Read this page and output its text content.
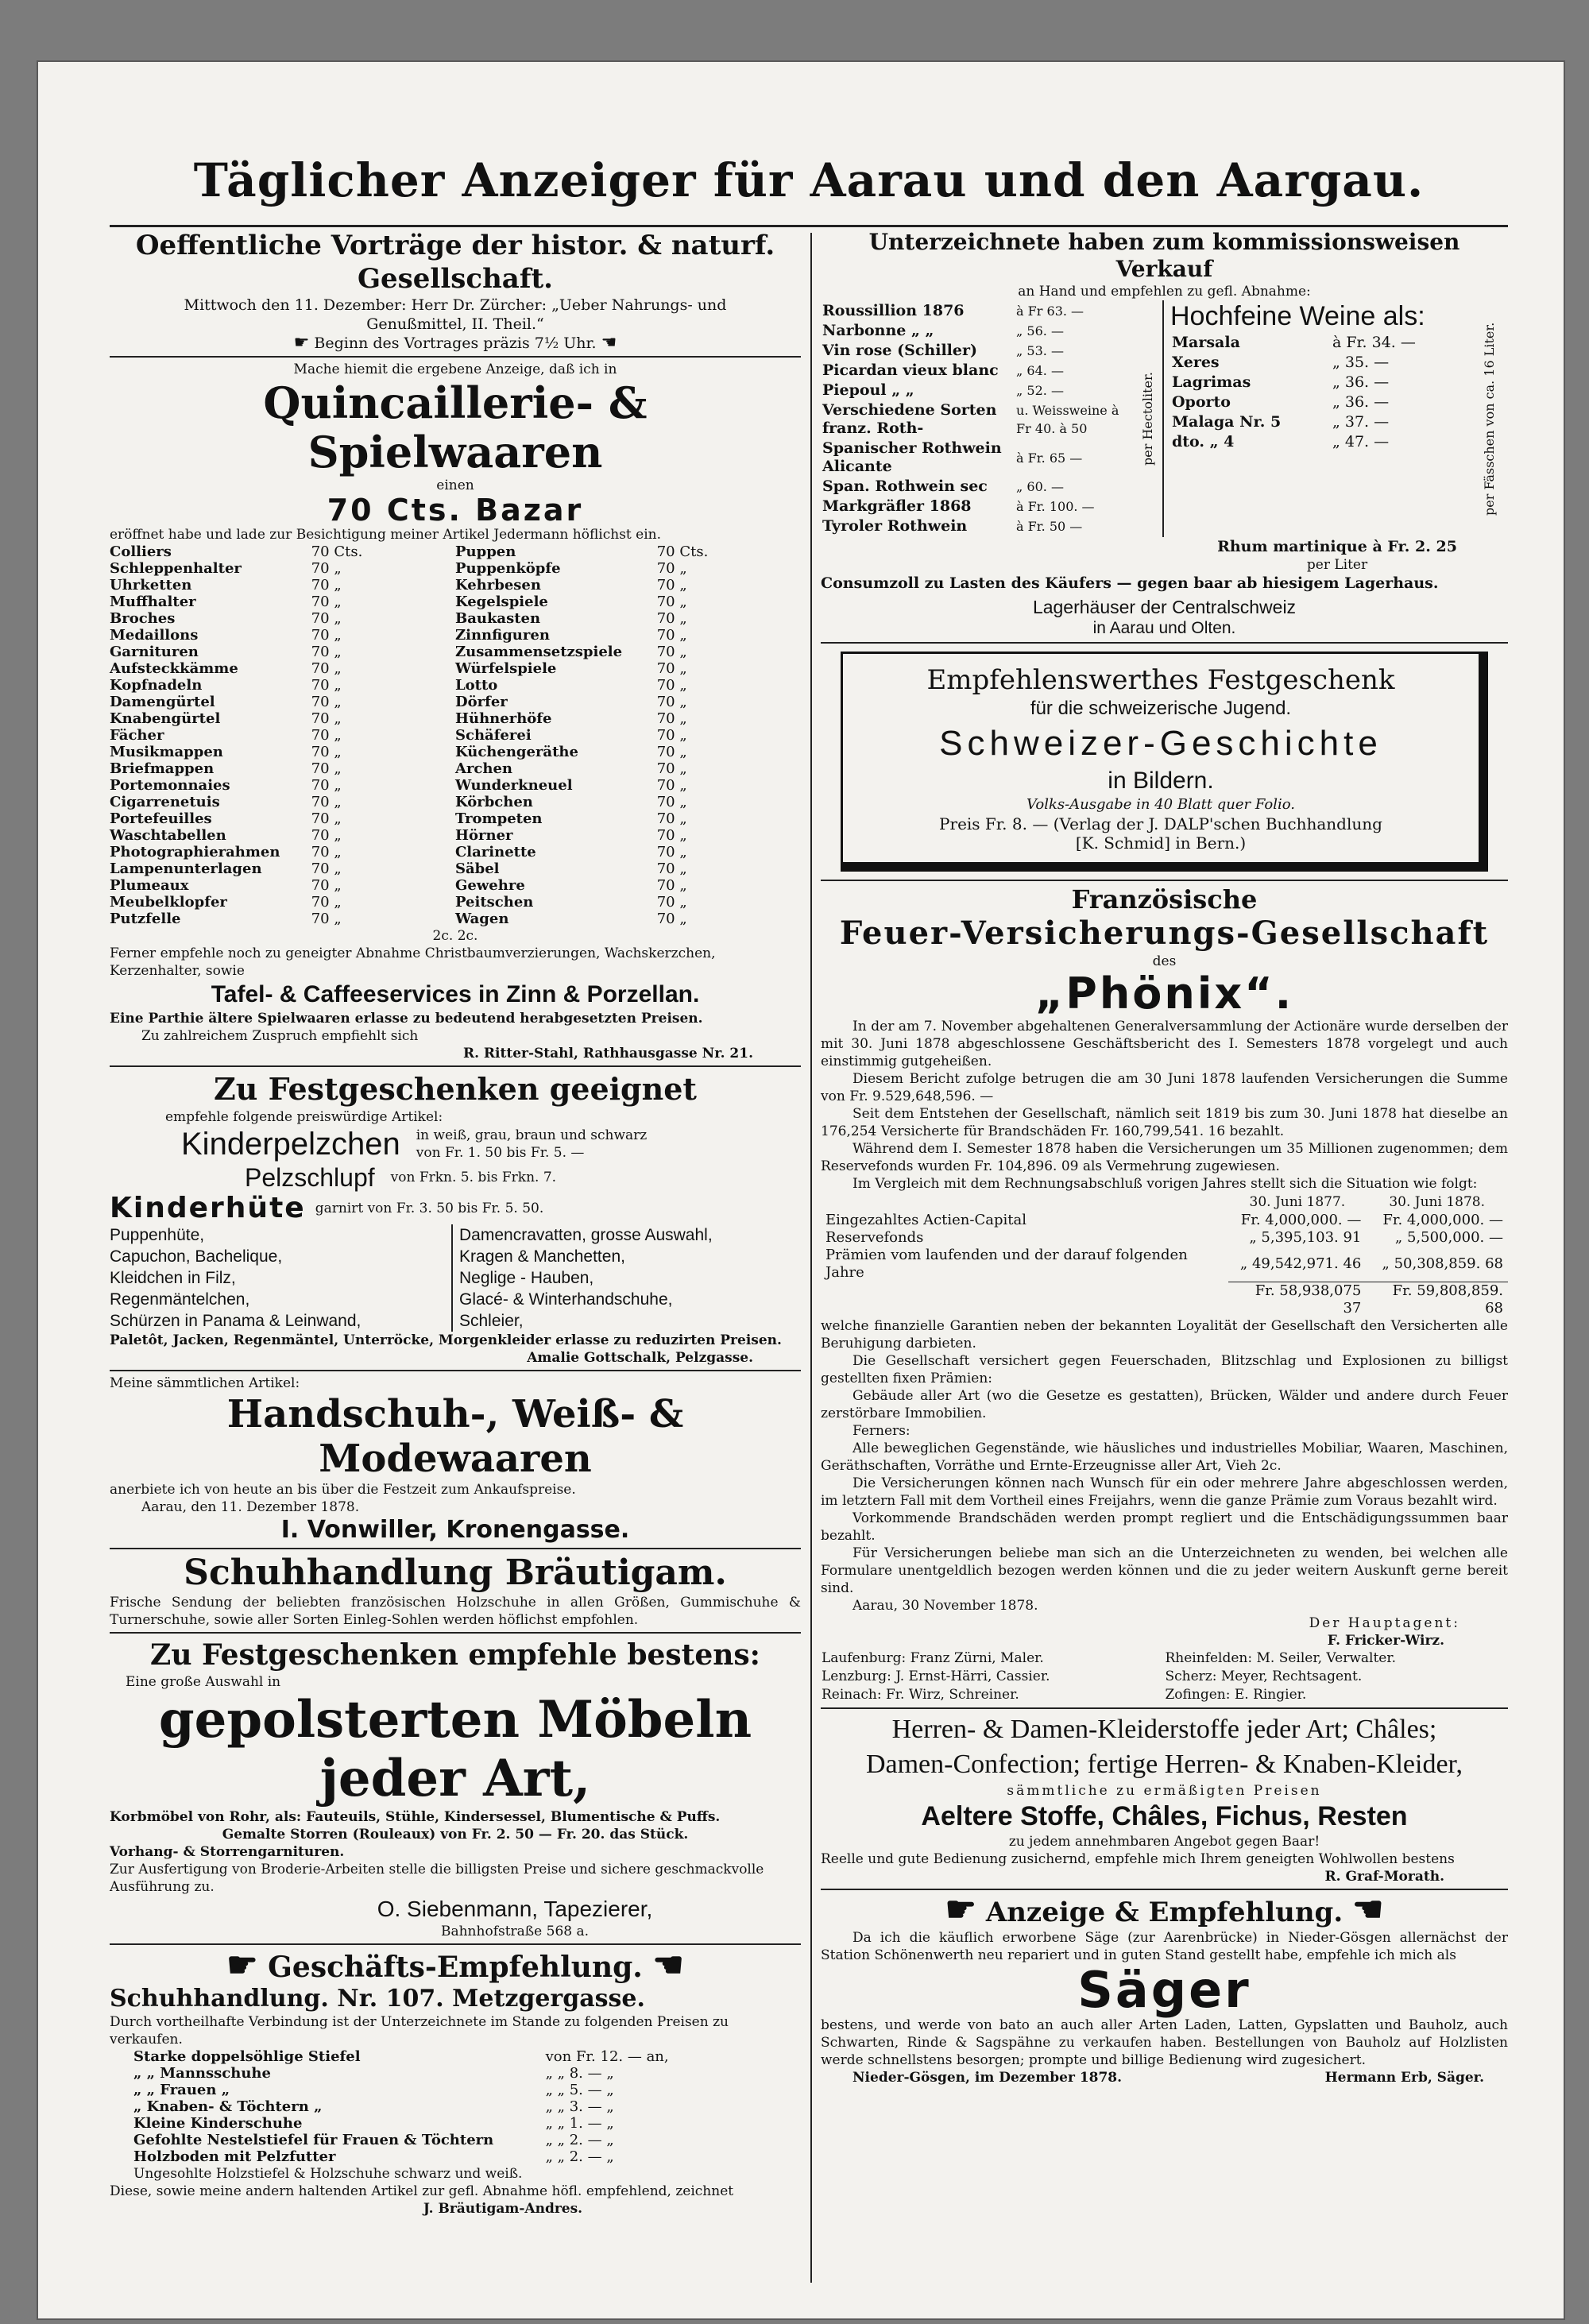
Täglicher Anzeiger für Aarau und den Aargau.
Oeffentliche Vorträge der histor. & naturf. Gesellschaft.
Mittwoch den 11. Dezember: Herr Dr. Zürcher: „Ueber Nahrungs- und
Genußmittel, II. Theil.“
☛ Beginn des Vortrages präzis 7½ Uhr. ☚
Mache hiemit die ergebene Anzeige, daß ich in
Quincaillerie- & Spielwaaren
einen
70 Cts. Bazar
eröffnet habe und lade zur Besichtigung meiner Artikel Jedermann höflichst ein.
Colliers	70 Cts.	Puppen	70 Cts.
Schleppenhalter	70 „	Puppenköpfe	70 „
Uhrketten	70 „	Kehrbesen	70 „
Muffhalter	70 „	Kegelspiele	70 „
Broches	70 „	Baukasten	70 „
Medaillons	70 „	Zinnfiguren	70 „
Garnituren	70 „	Zusammensetzspiele	70 „
Aufsteckkämme	70 „	Würfelspiele	70 „
Kopfnadeln	70 „	Lotto	70 „
Damengürtel	70 „	Dörfer	70 „
Knabengürtel	70 „	Hühnerhöfe	70 „
Fächer	70 „	Schäferei	70 „
Musikmappen	70 „	Küchengeräthe	70 „
Briefmappen	70 „	Archen	70 „
Portemonnaies	70 „	Wunderkneuel	70 „
Cigarrenetuis	70 „	Körbchen	70 „
Portefeuilles	70 „	Trompeten	70 „
Waschtabellen	70 „	Hörner	70 „
Photographierahmen	70 „	Clarinette	70 „
Lampenunterlagen	70 „	Säbel	70 „
Plumeaux	70 „	Gewehre	70 „
Meubelklopfer	70 „	Peitschen	70 „
Putzfelle	70 „	Wagen	70 „
2c. 2c.
Ferner empfehle noch zu geneigter Abnahme Christbaumverzierungen, Wachskerzchen, Kerzenhalter, sowie
Tafel- & Caffeeservices in Zinn & Porzellan.
Eine Parthie ältere Spielwaaren erlasse zu bedeutend herabgesetzten Preisen.
Zu zahlreichem Zuspruch empfiehlt sich
R. Ritter-Stahl, Rathhausgasse Nr. 21.
Zu Festgeschenken geeignet
empfehle folgende preiswürdige Artikel:
Kinderpelzchen in weiß, grau, braun und schwarz von Fr. 1. 50 bis Fr. 5. —
Pelzschlupf von Frkn. 5. bis Frkn. 7.
Kinderhüte garnirt von Fr. 3. 50 bis Fr. 5. 50.
Puppenhüte,
Capuchon, Bachelique,
Kleidchen in Filz,
Regenmäntelchen,
Schürzen in Panama & Leinwand,
Damencravatten, grosse Auswahl,
Kragen & Manchetten,
Neglige - Hauben,
Glacé- & Winterhandschuhe,
Schleier,
Paletôt, Jacken, Regenmäntel, Unterröcke, Morgenkleider erlasse zu reduzirten Preisen.
Amalie Gottschalk, Pelzgasse.
Meine sämmtlichen Artikel:
Handschuh-, Weiß- & Modewaaren
anerbiete ich von heute an bis über die Festzeit zum Ankaufspreise.
Aarau, den 11. Dezember 1878.
I. Vonwiller, Kronengasse.
Schuhhandlung Bräutigam.
Frische Sendung der beliebten französischen Holzschuhe in allen Größen, Gummischuhe & Turnerschuhe, sowie aller Sorten Einleg-Sohlen werden höflichst empfohlen.
Zu Festgeschenken empfehle bestens:
Eine große Auswahl in
gepolsterten Möbeln jeder Art,
Korbmöbel von Rohr, als: Fauteuils, Stühle, Kindersessel, Blumentische & Puffs.
Gemalte Storren (Rouleaux) von Fr. 2. 50 — Fr. 20. das Stück.
Vorhang- & Storrengarnituren.
Zur Ausfertigung von Broderie-Arbeiten stelle die billigsten Preise und sichere geschmackvolle Ausführung zu.
O. Siebenmann, Tapezierer,
Bahnhofstraße 568 a.
☛ Geschäfts-Empfehlung. ☚
Schuhhandlung. Nr. 107. Metzgergasse.
Durch vortheilhafte Verbindung ist der Unterzeichnete im Stande zu folgenden Preisen zu verkaufen.
Starke doppelsöhlige Stiefel	von Fr. 12. — an,
„ „ Mannsschuhe	„ „ 8. — „
„ „ Frauen „	„ „ 5. — „
„ Knaben- & Töchtern „	„ „ 3. — „
Kleine Kinderschuhe	„ „ 1. — „
Gefohlte Nestelstiefel für Frauen & Töchtern	„ „ 2. — „
Holzboden mit Pelzfutter	„ „ 2. — „
Ungesohlte Holzstiefel & Holzschuhe schwarz und weiß.
Diese, sowie meine andern haltenden Artikel zur gefl. Abnahme höfl. empfehlend, zeichnet
J. Bräutigam-Andres.
Unterzeichnete haben zum kommissionsweisen Verkauf
an Hand und empfehlen zu gefl. Abnahme:
Roussillion 1876	à Fr 63. —
Narbonne „ „	„ 56. —
Vin rose (Schiller)	„ 53. —
Picardan vieux blanc	„ 64. —
Piepoul „ „	„ 52. —
Verschiedene Sorten franz. Roth-	u. Weissweine à Fr 40. à 50
Spanischer Rothwein Alicante	à Fr. 65 —
Span. Rothwein sec	„ 60. —
Markgräfler 1868	à Fr. 100. —
Tyroler Rothwein	à Fr. 50 —
per Hectoliter.
Hochfeine Weine als:
Marsala	à Fr. 34. —
Xeres	„ 35. —
Lagrimas	„ 36. —
Oporto	„ 36. —
Malaga Nr. 5	„ 37. —
dto. „ 4	„ 47. —	per Fässchen von ca. 16 Liter.
Rhum martinique à Fr. 2. 25
per Liter
Consumzoll zu Lasten des Käufers — gegen baar ab hiesigem Lagerhaus.
Lagerhäuser der Centralschweiz
in Aarau und Olten.
Empfehlenswerthes Festgeschenk
für die schweizerische Jugend.
Schweizer-Geschichte
in Bildern.
Volks-Ausgabe in 40 Blatt quer Folio.
Preis Fr. 8. — (Verlag der J. DALP'schen Buchhandlung
[K. Schmid] in Bern.)
Französische
Feuer-Versicherungs-Gesellschaft
des
„Phönix“.
In der am 7. November abgehaltenen Generalversammlung der Actionäre wurde derselben der mit 30. Juni 1878 abgeschlossene Geschäftsbericht des I. Semesters 1878 vorgelegt und auch einstimmig gutgeheißen.
Diesem Bericht zufolge betrugen die am 30 Juni 1878 laufenden Versicherungen die Summe von Fr. 9.529,648,596. —
Seit dem Entstehen der Gesellschaft, nämlich seit 1819 bis zum 30. Juni 1878 hat dieselbe an 176,254 Versicherte für Brandschäden Fr. 160,799,541. 16 bezahlt.
Während dem I. Semester 1878 haben die Versicherungen um 35 Millionen zugenommen; dem Reservefonds wurden Fr. 104,896. 09 als Vermehrung zugewiesen.
Im Vergleich mit dem Rechnungsabschluß vorigen Jahres stellt sich die Situation wie folgt:
	30. Juni 1877.	30. Juni 1878.
Eingezahltes Actien-Capital	Fr. 4,000,000. —	Fr. 4,000,000. —
Reservefonds	„ 5,395,103. 91	„ 5,500,000. —
Prämien vom laufenden und der darauf folgenden Jahre	„ 49,542,971. 46	„ 50,308,859. 68
	Fr. 58,938,075 37	Fr. 59,808,859. 68
welche finanzielle Garantien neben der bekannten Loyalität der Gesellschaft den Versicherten alle Beruhigung darbieten.
Die Gesellschaft versichert gegen Feuerschaden, Blitzschlag und Explosionen zu billigst gestellten fixen Prämien:
Gebäude aller Art (wo die Gesetze es gestatten), Brücken, Wälder und andere durch Feuer zerstörbare Immobilien.
Ferners:
Alle beweglichen Gegenstände, wie häusliches und industrielles Mobiliar, Waaren, Maschinen, Geräthschaften, Vorräthe und Ernte-Erzeugnisse aller Art, Vieh 2c.
Die Versicherungen können nach Wunsch für ein oder mehrere Jahre abgeschlossen werden, im letztern Fall mit dem Vortheil eines Freijahrs, wenn die ganze Prämie zum Voraus bezahlt wird.
Vorkommende Brandschäden werden prompt regliert und die Entschädigungssummen baar bezahlt.
Für Versicherungen beliebe man sich an die Unterzeichneten zu wenden, bei welchen alle Formulare unentgeldlich bezogen werden können und die zu jeder weitern Auskunft gerne bereit sind.
Aarau, 30 November 1878.
Der Hauptagent:
F. Fricker-Wirz.
Laufenburg: Franz Zürni, Maler.	Rheinfelden: M. Seiler, Verwalter.
Lenzburg: J. Ernst-Härri, Cassier.	Scherz: Meyer, Rechtsagent.
Reinach: Fr. Wirz, Schreiner.	Zofingen: E. Ringier.
Herren- & Damen-Kleiderstoffe jeder Art; Châles;
Damen-Confection; fertige Herren- & Knaben-Kleider,
sämmtliche zu ermäßigten Preisen
Aeltere Stoffe, Châles, Fichus, Resten
zu jedem annehmbaren Angebot gegen Baar!
Reelle und gute Bedienung zusichernd, empfehle mich Ihrem geneigten Wohlwollen bestens
R. Graf-Morath.
☛ Anzeige & Empfehlung. ☚
Da ich die käuflich erworbene Säge (zur Aarenbrücke) in Nieder-Gösgen allernächst der Station Schönenwerth neu repariert und in guten Stand gestellt habe, empfehle ich mich als
Säger
bestens, und werde von bato an auch aller Arten Laden, Latten, Gypslatten und Bauholz, auch Schwarten, Rinde & Sagspähne zu verkaufen haben. Bestellungen von Bauholz auf Holzlisten werde schnellstens besorgen; prompte und billige Bedienung wird zugesichert.
Nieder-Gösgen, im Dezember 1878.	Hermann Erb, Säger.
